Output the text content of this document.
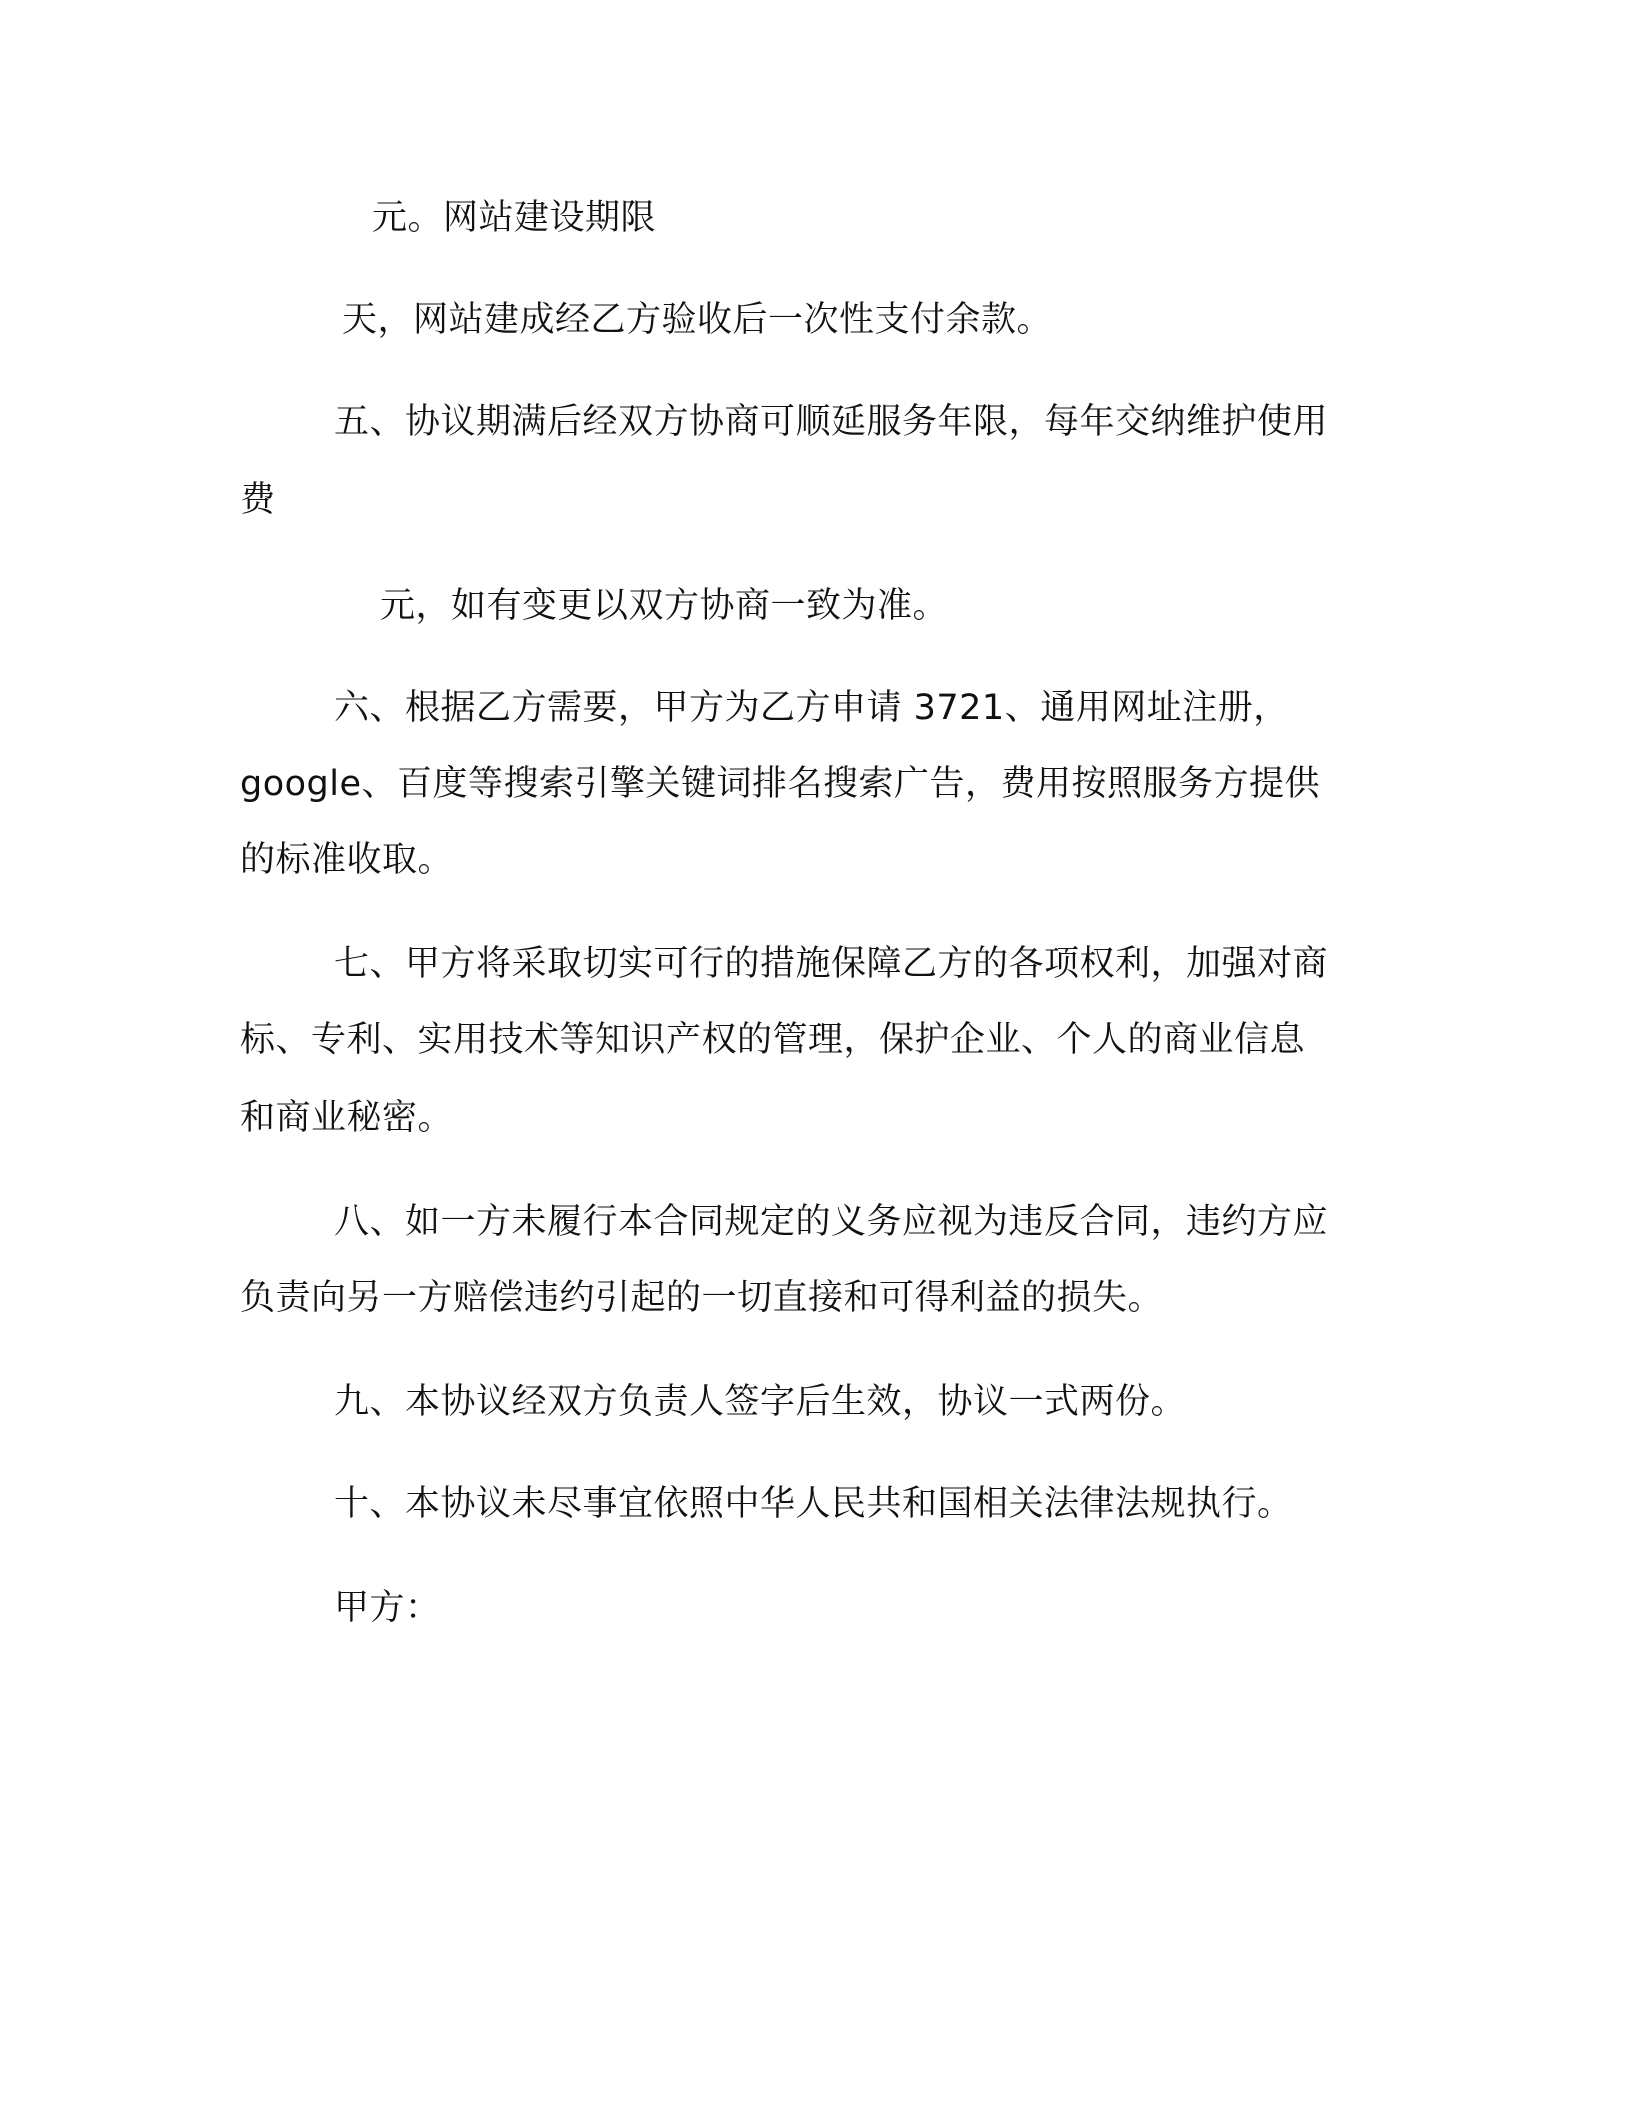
元。网站建设期限
天，网站建成经乙方验收后一次性支付余款。
五、协议期满后经双方协商可顺延服务年限，每年交纳维护使用
费
元，如有变更以双方协商一致为准。
六、根据乙方需要，甲方为乙方申请 3721、通用网址注册，
google、百度等搜索引擎关键词排名搜索广告，费用按照服务方提供
的标准收取。
七、甲方将采取切实可行的措施保障乙方的各项权利，加强对商
标、专利、实用技术等知识产权的管理，保护企业、个人的商业信息
和商业秘密。
八、如一方未履行本合同规定的义务应视为违反合同，违约方应
负责向另一方赔偿违约引起的一切直接和可得利益的损失。
九、本协议经双方负责人签字后生效，协议一式两份。
十、本协议未尽事宜依照中华人民共和国相关法律法规执行。
甲方：
